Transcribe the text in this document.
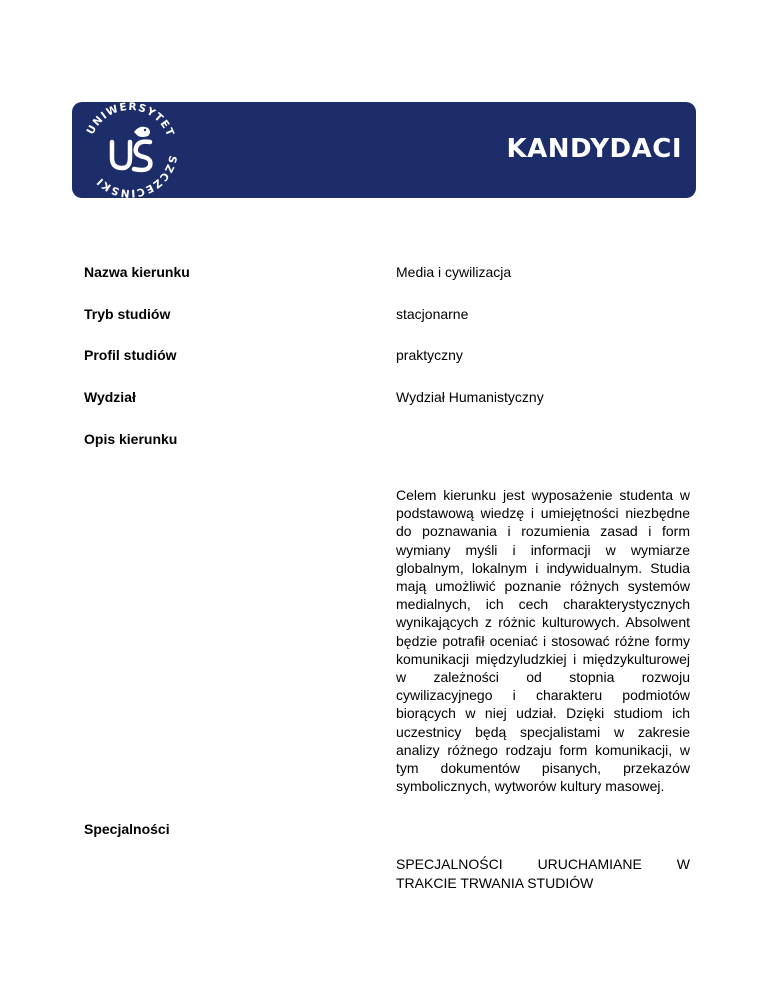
UNIWERSYTET
SZCZECIŃSKI
KANDYDACI
Nazwa kierunku	Media i cywilizacja
Tryb studiów	stacjonarne
Profil studiów	praktyczny
Wydział	Wydział Humanistyczny
Opis kierunku

Celem kierunku jest wyposażenie studenta w podstawową wiedzę i umiejętności niezbędne do poznawania i rozumienia zasad i form wymiany myśli i informacji w wymiarze globalnym, lokalnym i indywidualnym. Studia mają umożliwić poznanie różnych systemów medialnych, ich cech charakterystycznych wynikających z różnic kulturowych. Absolwent będzie potrafił oceniać i stosować różne formy komunikacji międzyludzkiej i międzykulturowej w zależności od stopnia rozwoju cywilizacyjnego i charakteru podmiotów biorących w niej udział. Dzięki studiom ich uczestnicy będą specjalistami w zakresie analizy różnego rodzaju form komunikacji, w tym dokumentów pisanych, przekazów symbolicznych, wytworów kultury masowej.

Specjalności

SPECJALNOŚCI URUCHAMIANE W TRAKCIE TRWANIA STUDIÓW
